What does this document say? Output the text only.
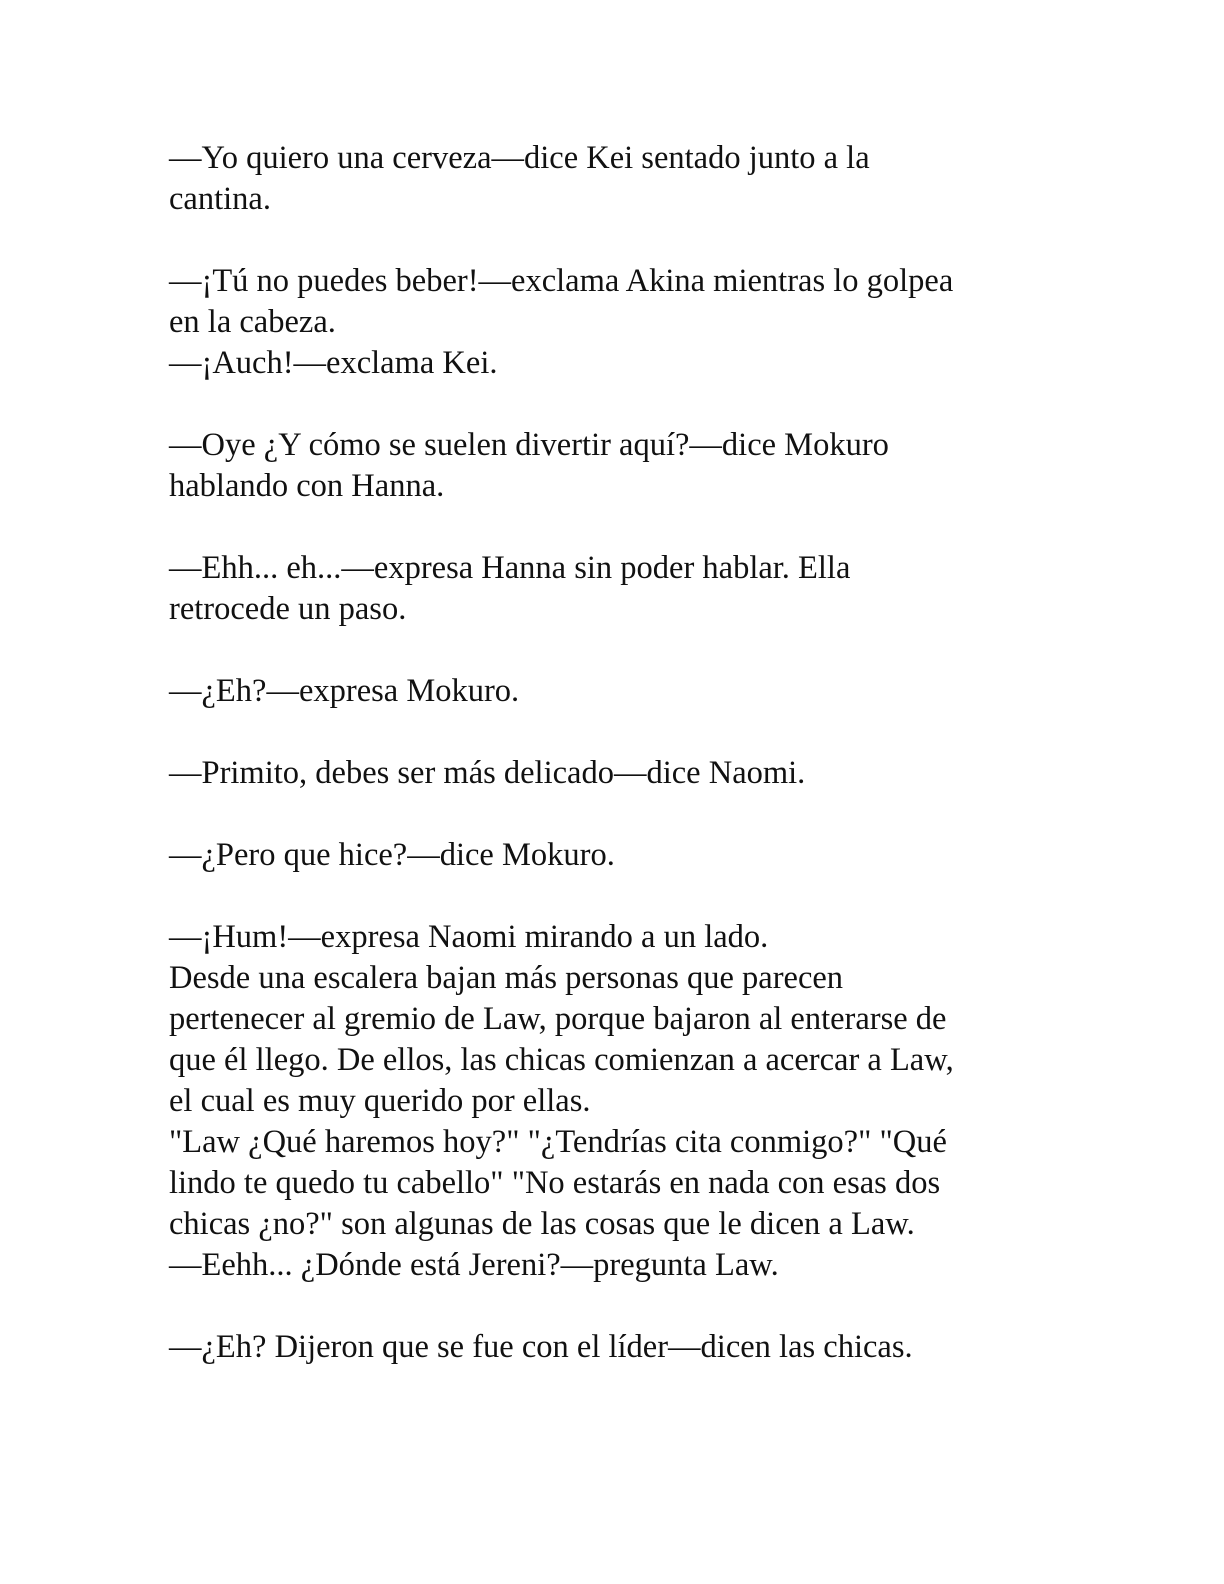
—Yo quiero una cerveza—dice Kei sentado junto a la
cantina.
—¡Tú no puedes beber!—exclama Akina mientras lo golpea
en la cabeza.
—¡Auch!—exclama Kei.
—Oye ¿Y cómo se suelen divertir aquí?—dice Mokuro
hablando con Hanna.
—Ehh... eh...—expresa Hanna sin poder hablar. Ella
retrocede un paso.
—¿Eh?—expresa Mokuro.
—Primito, debes ser más delicado—dice Naomi.
—¿Pero que hice?—dice Mokuro.
—¡Hum!—expresa Naomi mirando a un lado.
Desde una escalera bajan más personas que parecen
pertenecer al gremio de Law, porque bajaron al enterarse de
que él llego. De ellos, las chicas comienzan a acercar a Law,
el cual es muy querido por ellas.
"Law ¿Qué haremos hoy?" "¿Tendrías cita conmigo?" "Qué
lindo te quedo tu cabello" "No estarás en nada con esas dos
chicas ¿no?" son algunas de las cosas que le dicen a Law.
—Eehh... ¿Dónde está Jereni?—pregunta Law.
—¿Eh? Dijeron que se fue con el líder—dicen las chicas.
